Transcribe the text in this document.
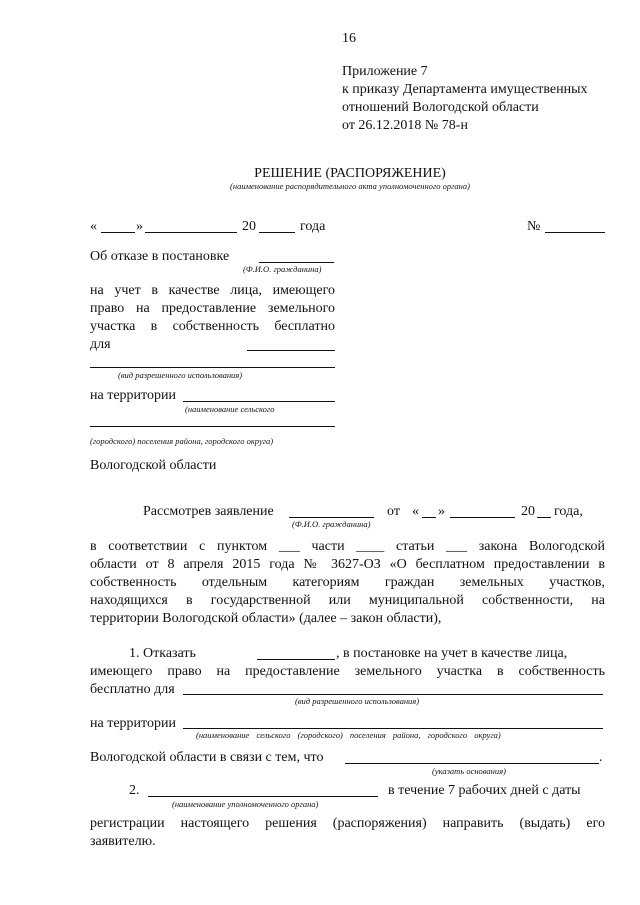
16
Приложение 7
к приказу Департамента имущественных
отношений Вологодской области
от 26.12.2018 № 78-н
РЕШЕНИЕ (РАСПОРЯЖЕНИЕ)
(наименование распорядительного акта уполномоченного органа)
«	»	20	года	№
Об отказе в постановке
(Ф.И.О. гражданина)
на учет в качестве лица, имеющего
право на предоставление земельного
участка в собственность бесплатно
для
(вид разрешенного использования)
на территории
(наименование сельского
(городского) поселения района, городского округа)
Вологодской области
Рассмотрев заявление
(Ф.И.О. гражданина)
от « »	20 года,
в соответствии с пунктом ___ части ____ статьи ___ закона Вологодской
области от 8 апреля 2015 года № 3627-ОЗ «О бесплатном предоставлении в
собственность отдельным категориям граждан земельных участков,
находящихся в государственной или муниципальной собственности, на
территории Вологодской области» (далее – закон области),
1. Отказать	, в постановке на учет в качестве лица,
имеющего право на предоставление земельного участка в собственность
бесплатно для
(вид разрешенного использования)
на территории
(наименование сельского (городского) поселения района, городского округа)
Вологодской области в связи с тем, что	.
(указать основания)
2.	в течение 7 рабочих дней с даты
(наименование уполномоченного органа)
регистрации настоящего решения (распоряжения) направить (выдать) его
заявителю.
